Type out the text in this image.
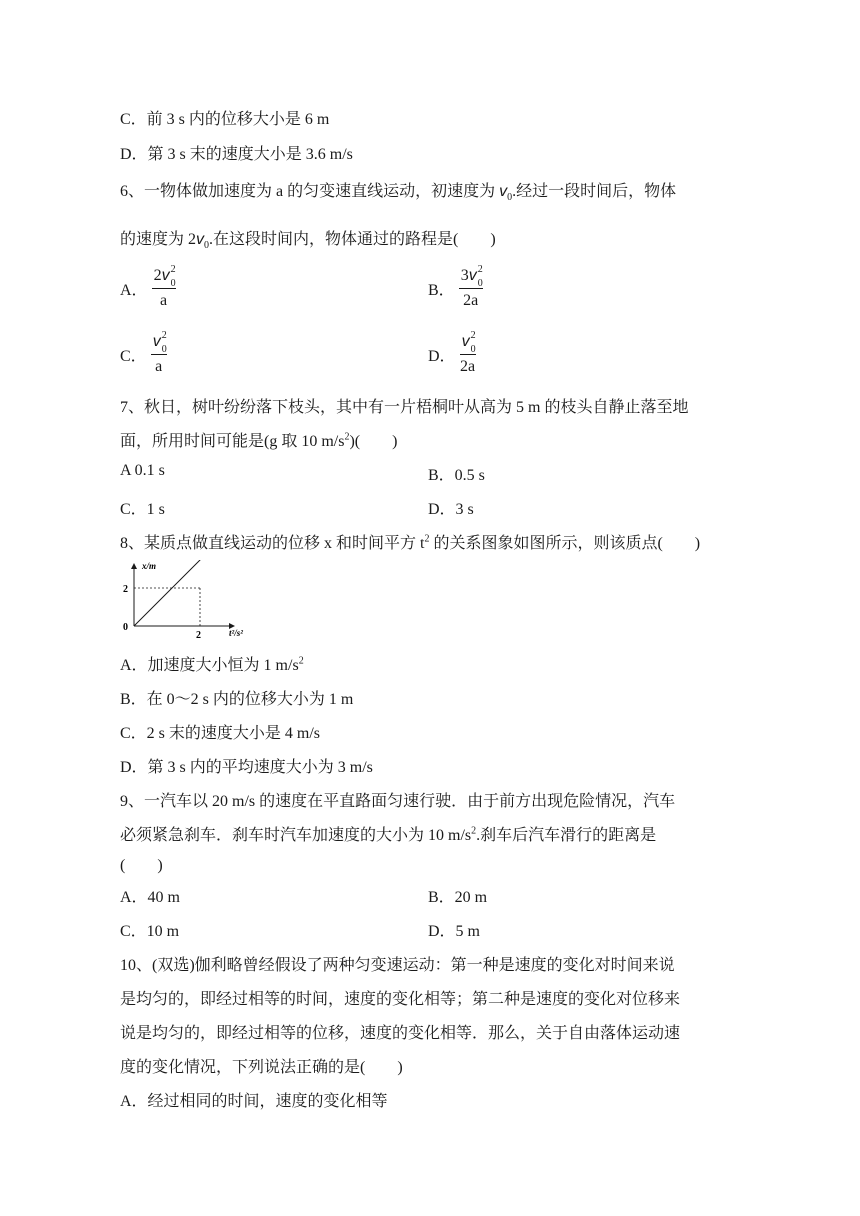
C．前 3 s 内的位移大小是 6 m
D．第 3 s 末的速度大小是 3.6 m/s
6、一物体做加速度为 a 的匀变速直线运动，初速度为 $v_0$.经过一段时间后，物体
的速度为 $2v_0$.在这段时间内，物体通过的路程是(　　)
A． 2v 2
0

a	B． 3v 2
0

2a
C． v 2
0

a	D． v 2
0

2a
7、秋日，树叶纷纷落下枝头，其中有一片梧桐叶从高为 5 m 的枝头自静止落至地
面，所用时间可能是(g 取 10 $m/s^2$)(　　)
A 0.1 s	B．0.5 s
C．1 s	D．3 s
8、某质点做直线运动的位移 x 和时间平方 $t^2$ 的关系图象如图所示，则该质点(　　)
x/m
t²/s²
0
2
2
A．加速度大小恒为 1 $m/s^2$
B．在 0～2 s 内的位移大小为 1 m
C．2 s 末的速度大小是 4 m/s
D．第 3 s 内的平均速度大小为 3 m/s
9、一汽车以 20 m/s 的速度在平直路面匀速行驶．由于前方出现危险情况，汽车
必须紧急刹车．刹车时汽车加速度的大小为 10 $m/s^2$.刹车后汽车滑行的距离是
(　　)
A．40 m	B．20 m
C．10 m	D．5 m
10、(双选)伽利略曾经假设了两种匀变速运动：第一种是速度的变化对时间来说
是均匀的，即经过相等的时间，速度的变化相等；第二种是速度的变化对位移来
说是均匀的，即经过相等的位移，速度的变化相等．那么，关于自由落体运动速
度的变化情况，下列说法正确的是(　　)
A．经过相同的时间，速度的变化相等
